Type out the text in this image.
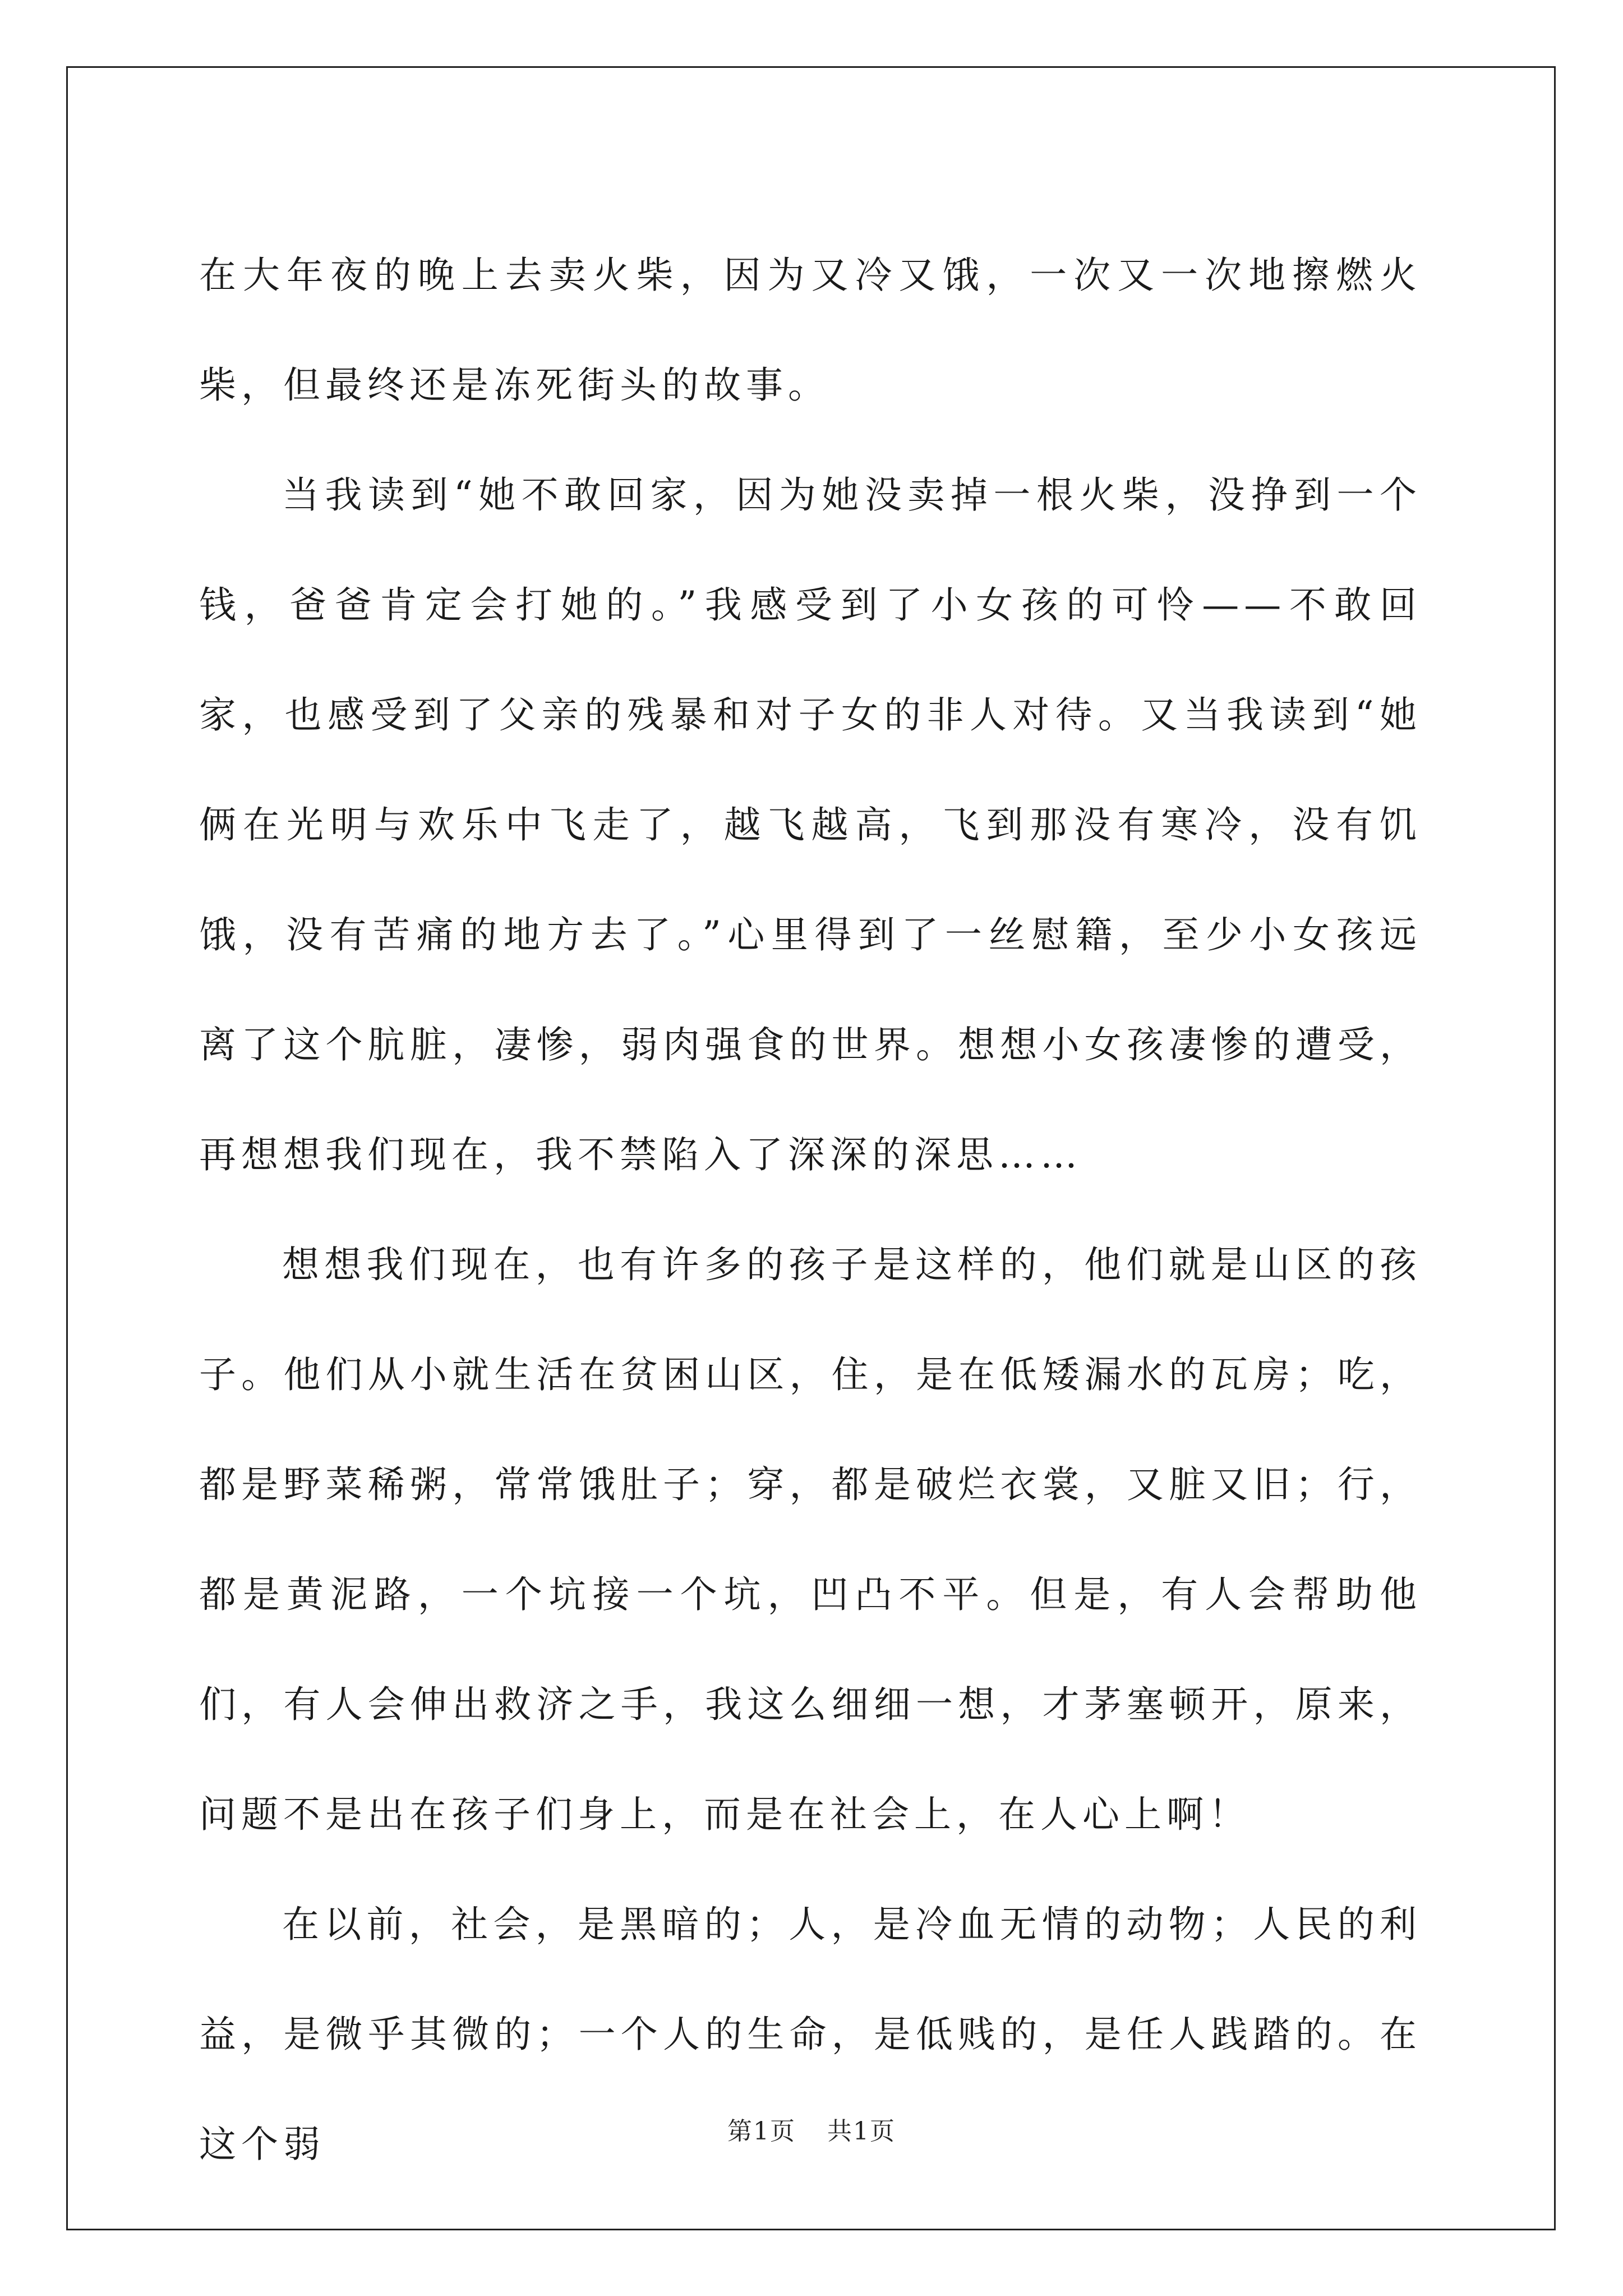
在大年夜的晚上去卖火柴，因为又冷又饿，一次又一次地擦燃火柴，但最终还是冻死街头的故事。

当我读到“她不敢回家，因为她没卖掉一根火柴，没挣到一个钱，爸爸肯定会打她的。”我感受到了小女孩的可怜——不敢回家，也感受到了父亲的残暴和对子女的非人对待。又当我读到“她俩在光明与欢乐中飞走了，越飞越高，飞到那没有寒冷，没有饥饿，没有苦痛的地方去了。”心里得到了一丝慰籍，至少小女孩远离了这个肮脏，凄惨，弱肉强食的世界。想想小女孩凄惨的遭受，再想想我们现在，我不禁陷入了深深的深思……

想想我们现在，也有许多的孩子是这样的，他们就是山区的孩子。他们从小就生活在贫困山区，住，是在低矮漏水的瓦房；吃，都是野菜稀粥，常常饿肚子；穿，都是破烂衣裳，又脏又旧；行，都是黄泥路，一个坑接一个坑，凹凸不平。但是，有人会帮助他们，有人会伸出救济之手，我这么细细一想，才茅塞顿开，原来，问题不是出在孩子们身上，而是在社会上，在人心上啊！

在以前，社会，是黑暗的；人，是冷血无情的动物；人民的利益，是微乎其微的；一个人的生命，是低贱的，是任人践踏的。在这个弱	第1页 共1页
